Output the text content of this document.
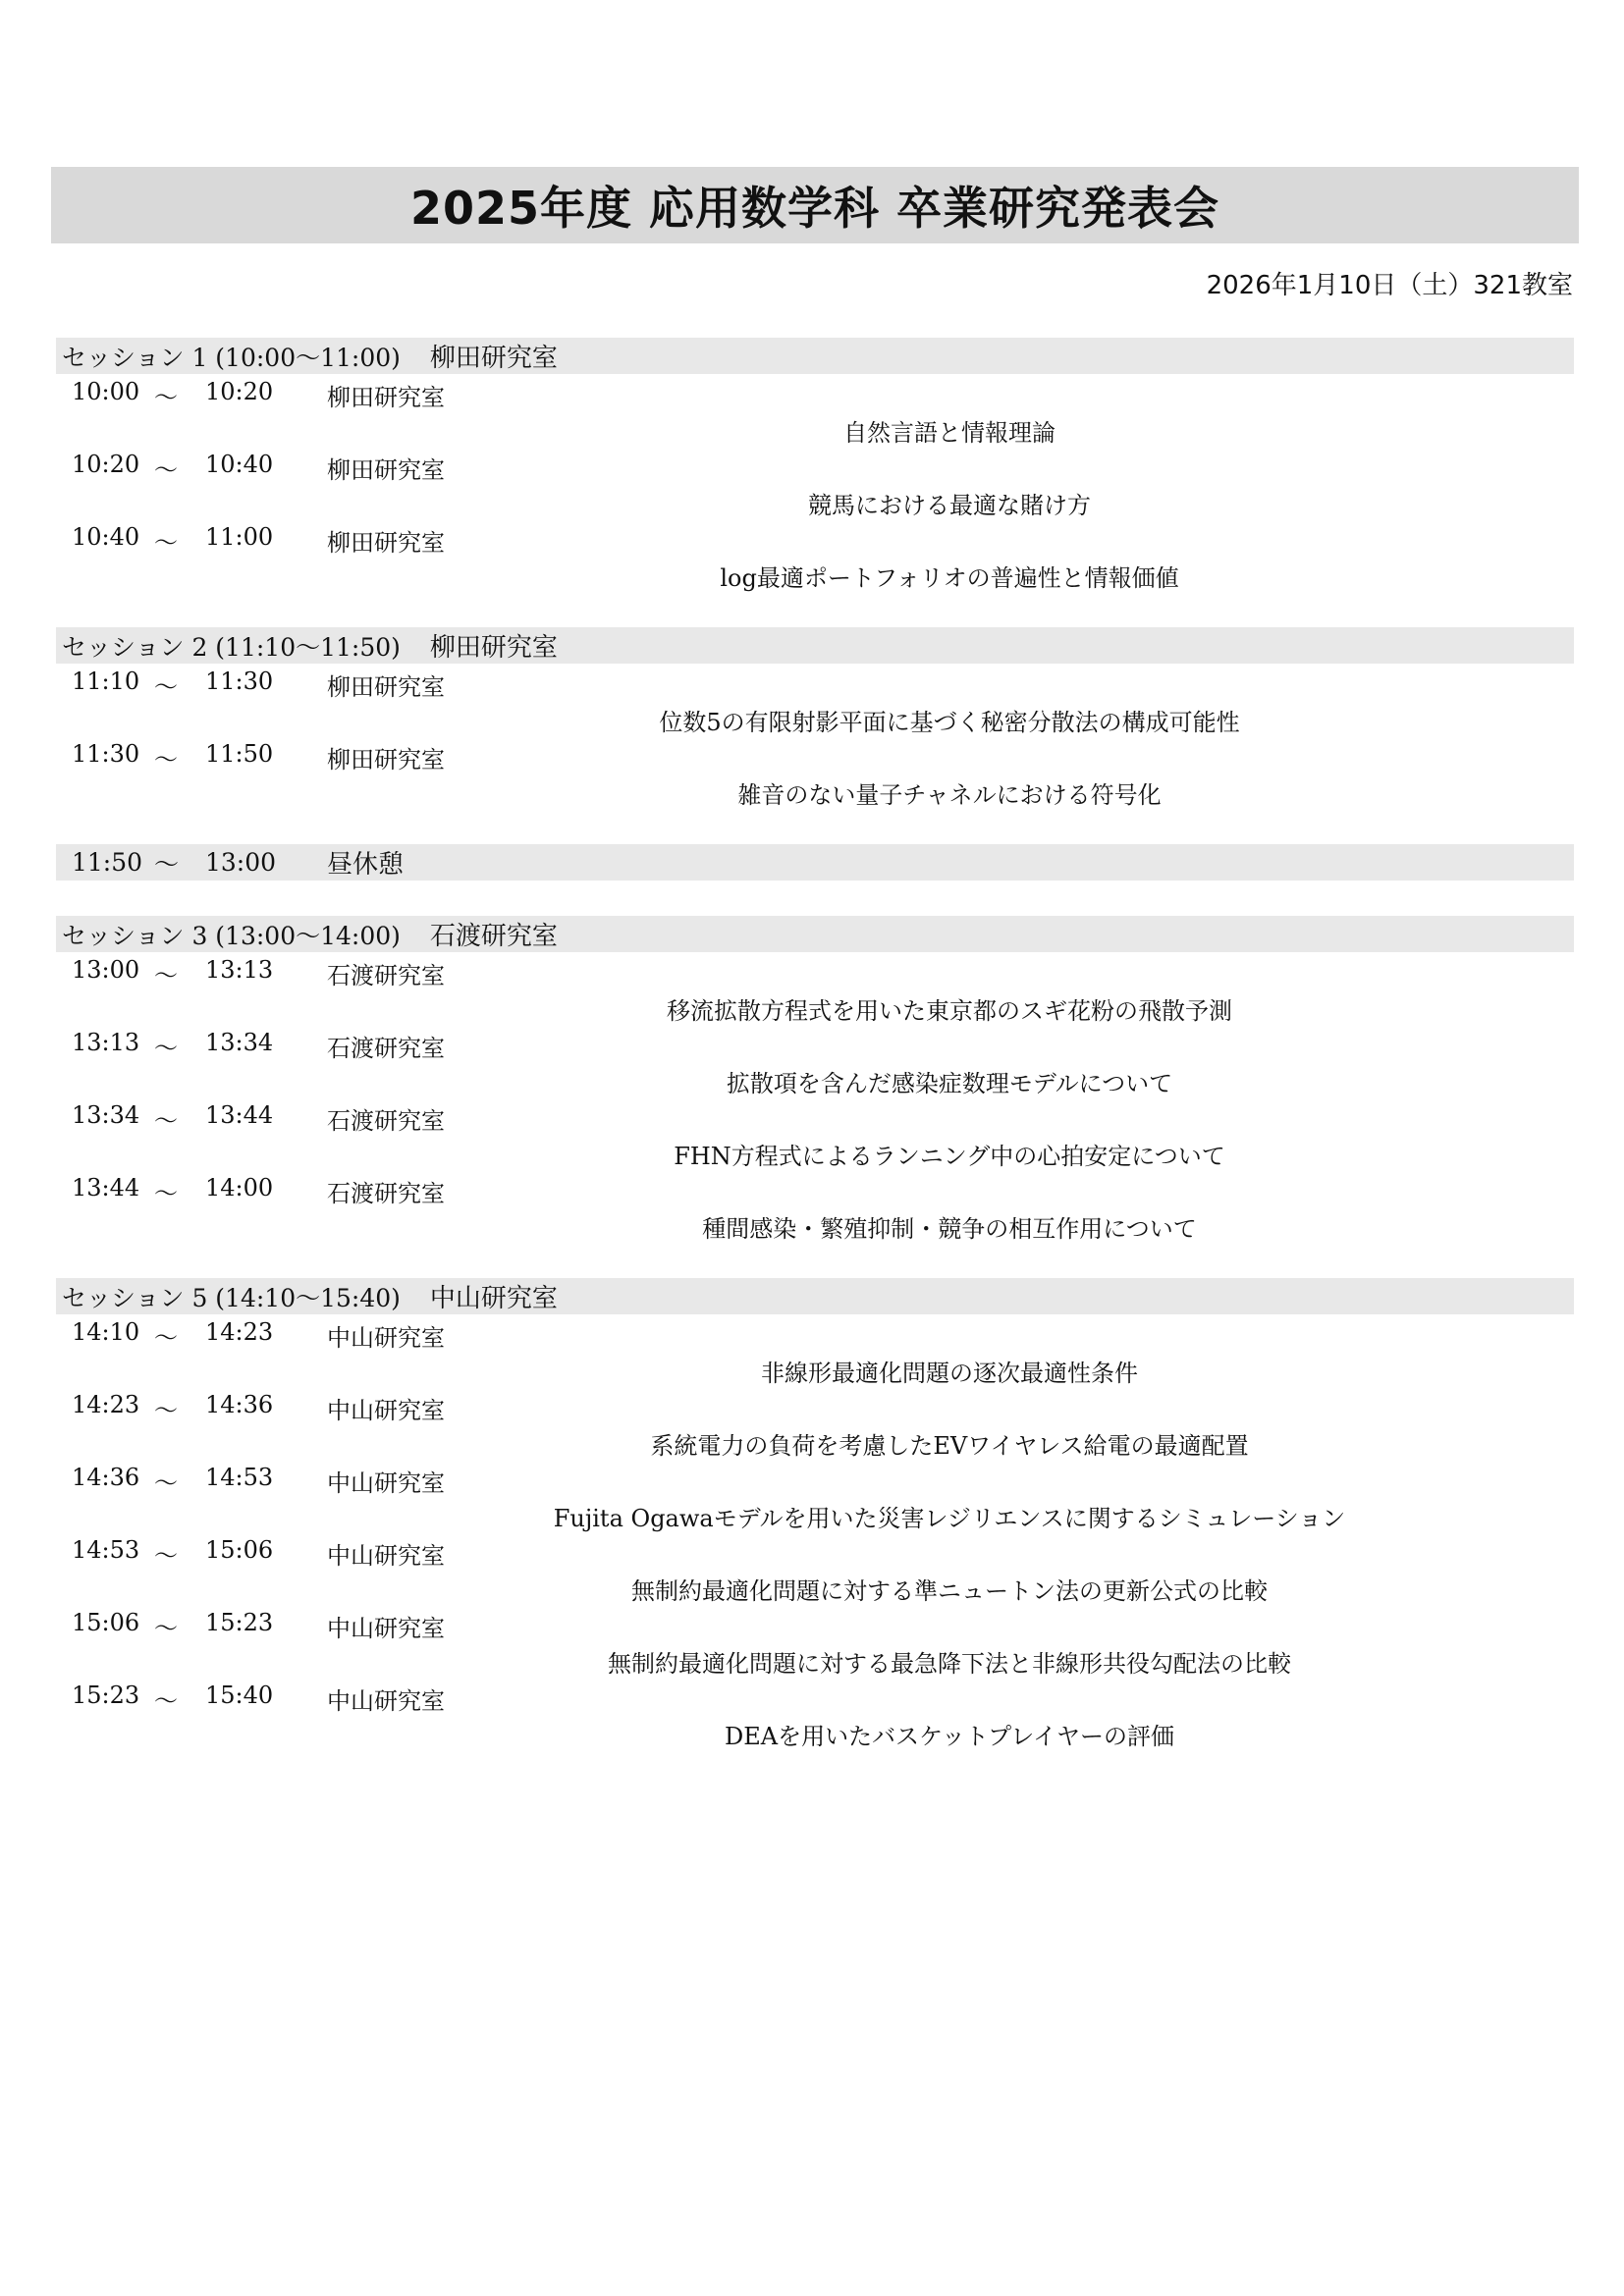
2025年度 応用数学科 卒業研究発表会
2026年1月10日（土）321教室
セッション 1 (10:00〜11:00) 柳田研究室
10:00 〜 10:20 柳田研究室
自然言語と情報理論
10:20 〜 10:40 柳田研究室
競馬における最適な賭け方
10:40 〜 11:00 柳田研究室
log最適ポートフォリオの普遍性と情報価値
セッション 2 (11:10〜11:50) 柳田研究室
11:10 〜 11:30 柳田研究室
位数5の有限射影平面に基づく秘密分散法の構成可能性
11:30 〜 11:50 柳田研究室
雑音のない量子チャネルにおける符号化
11:50 〜	13:00	昼休憩
セッション 3 (13:00〜14:00) 石渡研究室
13:00 〜 13:13 石渡研究室
移流拡散方程式を用いた東京都のスギ花粉の飛散予測
13:13 〜 13:34 石渡研究室
拡散項を含んだ感染症数理モデルについて
13:34 〜 13:44 石渡研究室
FHN方程式によるランニング中の心拍安定について
13:44 〜 14:00 石渡研究室
種間感染・繁殖抑制・競争の相互作用について
セッション 5 (14:10〜15:40) 中山研究室
14:10 〜 14:23 中山研究室
非線形最適化問題の逐次最適性条件
14:23 〜 14:36 中山研究室
系統電力の負荷を考慮したEVワイヤレス給電の最適配置
14:36 〜 14:53 中山研究室
Fujita Ogawaモデルを用いた災害レジリエンスに関するシミュレーション
14:53 〜 15:06 中山研究室
無制約最適化問題に対する準ニュートン法の更新公式の比較
15:06 〜 15:23 中山研究室
無制約最適化問題に対する最急降下法と非線形共役勾配法の比較
15:23 〜 15:40 中山研究室
DEAを用いたバスケットプレイヤーの評価
